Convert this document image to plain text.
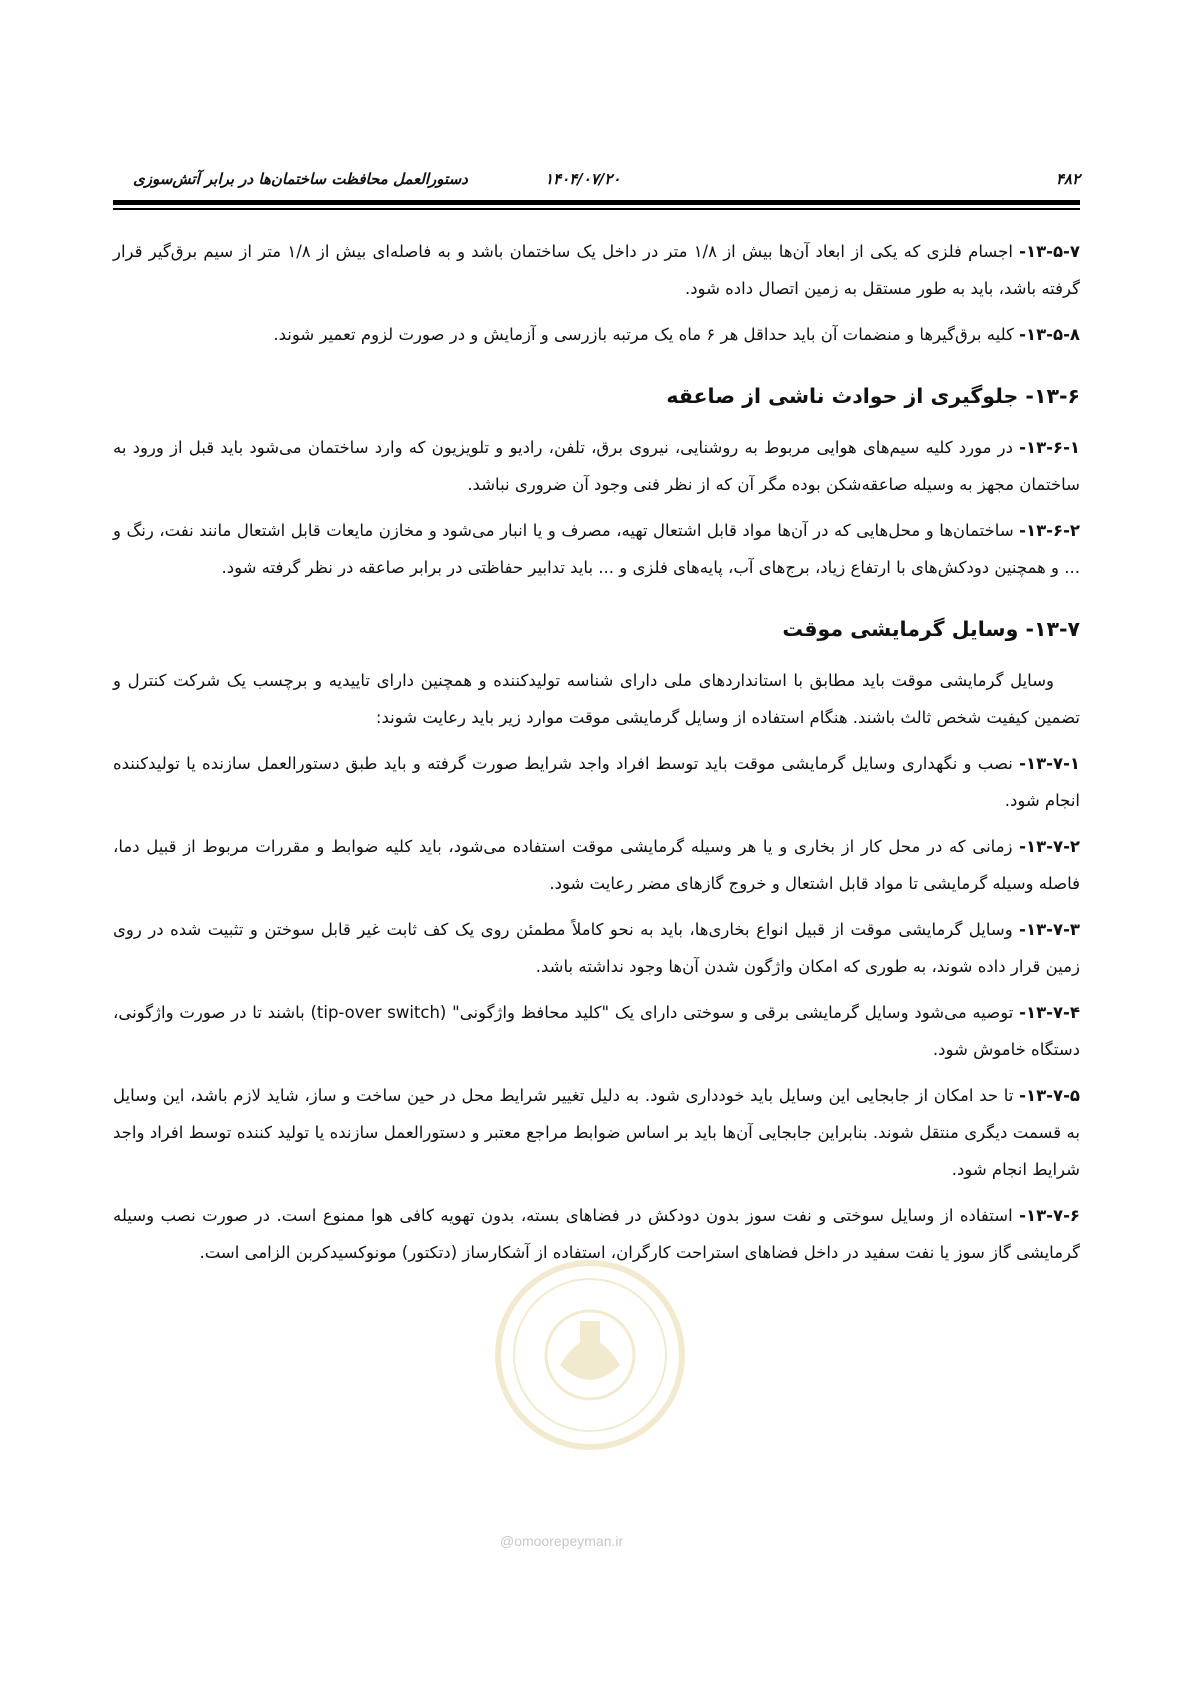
۴۸۲
۱۴۰۴/۰۷/۲۰
دستورالعمل محافظت ساختمان‌ها در برابر آتش‌سوزی

۱۳-۵-۷- اجسام فلزی که یکی از ابعاد آن‌ها بیش از ۱/۸ متر در داخل یک ساختمان باشد و به فاصله‌ای بیش از ۱/۸ متر از سیم برق‌گیر قرار گرفته باشد، باید به طور مستقل به زمین اتصال داده شود.

۱۳-۵-۸- کلیه برق‌گیرها و منضمات آن باید حداقل هر ۶ ماه یک مرتبه بازرسی و آزمایش و در صورت لزوم تعمیر شوند.

۱۳-۶- جلوگیری از حوادث ناشی از صاعقه

۱۳-۶-۱- در مورد کلیه سیم‌های هوایی مربوط به روشنایی، نیروی برق، تلفن، رادیو و تلویزیون که وارد ساختمان می‌شود باید قبل از ورود به ساختمان مجهز به وسیله صاعقه‌شکن بوده مگر آن که از نظر فنی وجود آن ضروری نباشد.

۱۳-۶-۲- ساختمان‌ها و محل‌هایی که در آن‌ها مواد قابل اشتعال تهیه، مصرف و یا انبار می‌شود و مخازن مایعات قابل اشتعال مانند نفت، رنگ و ... و همچنین دودکش‌های با ارتفاع زیاد، برج‌های آب، پایه‌های فلزی و ... باید تدابیر حفاظتی در برابر صاعقه در نظر گرفته شود.

۱۳-۷- وسایل گرمایشی موقت

وسایل گرمایشی موقت باید مطابق با استانداردهای ملی دارای شناسه تولیدکننده و همچنین دارای تاییدیه و برچسب یک شرکت کنترل و تضمین کیفیت شخص ثالث باشند. هنگام استفاده از وسایل گرمایشی موقت موارد زیر باید رعایت شوند:

۱۳-۷-۱- نصب و نگهداری وسایل گرمایشی موقت باید توسط افراد واجد شرایط صورت گرفته و باید طبق دستورالعمل سازنده یا تولیدکننده انجام شود.

۱۳-۷-۲- زمانی که در محل کار از بخاری و یا هر وسیله گرمایشی موقت استفاده می‌شود، باید کلیه ضوابط و مقررات مربوط از قبیل دما، فاصله وسیله گرمایشی تا مواد قابل اشتعال و خروج گازهای مضر رعایت شود.

۱۳-۷-۳- وسایل گرمایشی موقت از قبیل انواع بخاری‌ها، باید به نحو کاملاً مطمئن روی یک کف ثابت غیر قابل سوختن و تثبیت شده در روی زمین قرار داده شوند، به طوری که امکان واژگون شدن آن‌ها وجود نداشته باشد.

۱۳-۷-۴- توصیه می‌شود وسایل گرمایشی برقی و سوختی دارای یک "کلید محافظ واژگونی" (tip-over switch) باشند تا در صورت واژگونی، دستگاه خاموش شود.

۱۳-۷-۵- تا حد امکان از جابجایی این وسایل باید خودداری شود. به دلیل تغییر شرایط محل در حین ساخت و ساز، شاید لازم باشد، این وسایل به قسمت دیگری منتقل شوند. بنابراین جابجایی آن‌ها باید بر اساس ضوابط مراجع معتبر و دستورالعمل سازنده یا تولید کننده توسط افراد واجد شرایط انجام شود.

۱۳-۷-۶- استفاده از وسایل سوختی و نفت سوز بدون دودکش در فضاهای بسته، بدون تهویه کافی هوا ممنوع است. در صورت نصب وسیله گرمایشی گاز سوز یا نفت سفید در داخل فضاهای استراحت کارگران، استفاده از آشکارساز (دتکتور) مونوکسیدکربن الزامی است.

@omoorepeyman.ir
